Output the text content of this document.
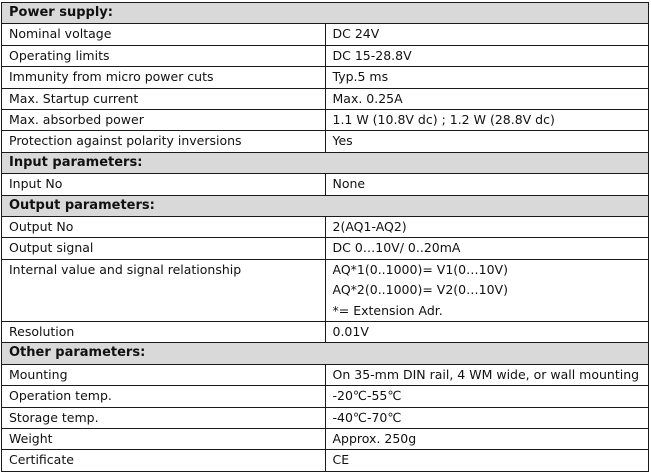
Power supply:	
Nominal voltage	DC 24V
Operating limits	DC 15-28.8V
Immunity from micro power cuts	Typ.5 ms
Max. Startup current	Max. 0.25A
Max. absorbed power	1.1 W (10.8V dc) ; 1.2 W (28.8V dc)
Protection against polarity inversions	Yes
Input parameters:	
Input No	None
Output parameters:	
Output No	2(AQ1-AQ2)
Output signal	DC 0…10V/ 0..20mA
Internal value and signal relationship	AQ*1(0..1000)= V1(0…10V)
AQ*2(0..1000)= V2(0…10V)
*= Extension Adr.

Resolution	0.01V
Other parameters:	
Mounting	On 35-mm DIN rail, 4 WM wide, or wall mounting
Operation temp.	-20℃-55℃
Storage temp.	-40℃-70℃
Weight	Approx. 250g
Certificate	CE
